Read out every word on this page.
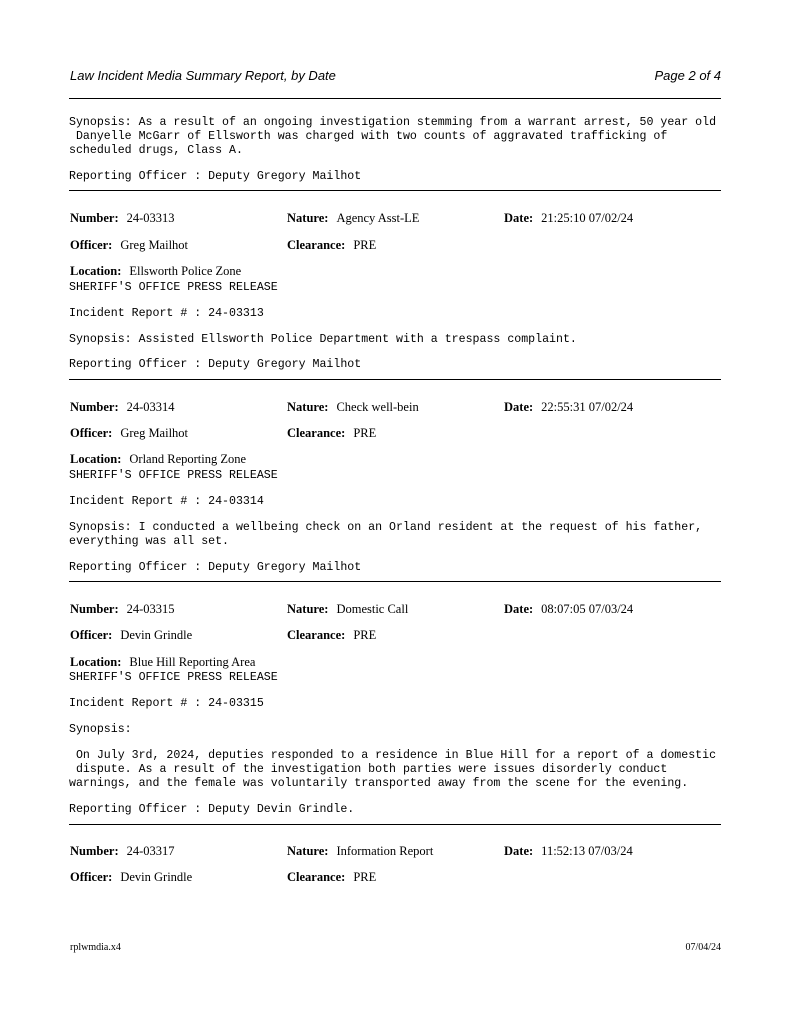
Law Incident Media Summary Report, by Date	Page 2 of 4
Synopsis: As a result of an ongoing investigation stemming from a warrant arrest, 50 year old
Danyelle McGarr of Ellsworth was charged with two counts of aggravated trafficking of
scheduled drugs, Class A.
Reporting Officer : Deputy Gregory Mailhot
Number: 24-03313	Nature: Agency Asst-LE	Date: 21:25:10 07/02/24
Officer: Greg Mailhot	Clearance: PRE
Location: Ellsworth Police Zone
SHERIFF'S OFFICE PRESS RELEASE
Incident Report # : 24-03313
Synopsis: Assisted Ellsworth Police Department with a trespass complaint.
Reporting Officer : Deputy Gregory Mailhot
Number: 24-03314	Nature: Check well-bein	Date: 22:55:31 07/02/24
Officer: Greg Mailhot	Clearance: PRE
Location: Orland Reporting Zone
SHERIFF'S OFFICE PRESS RELEASE
Incident Report # : 24-03314
Synopsis: I conducted a wellbeing check on an Orland resident at the request of his father,
everything was all set.
Reporting Officer : Deputy Gregory Mailhot
Number: 24-03315	Nature: Domestic Call	Date: 08:07:05 07/03/24
Officer: Devin Grindle	Clearance: PRE
Location: Blue Hill Reporting Area
SHERIFF'S OFFICE PRESS RELEASE
Incident Report # : 24-03315
Synopsis:
On July 3rd, 2024, deputies responded to a residence in Blue Hill for a report of a domestic
dispute. As a result of the investigation both parties were issues disorderly conduct
warnings, and the female was voluntarily transported away from the scene for the evening.
Reporting Officer : Deputy Devin Grindle.
Number: 24-03317	Nature: Information Report	Date: 11:52:13 07/03/24
Officer: Devin Grindle	Clearance: PRE
rplwmdia.x4	07/04/24
